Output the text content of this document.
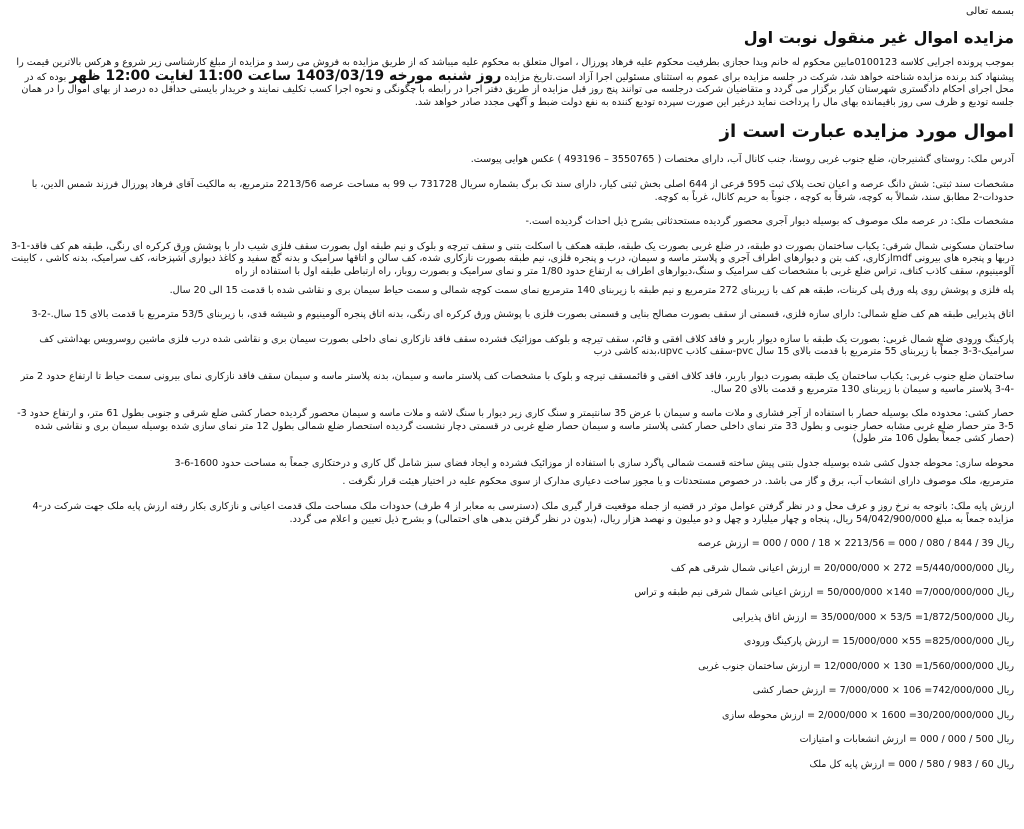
بسمه تعالی
مزایده اموال غیر منقول نوبت اول
بموجب پرونده اجرایی کلاسه 0100123مابین محکوم له خانم ویدا حجازی بطرفیت محکوم علیه فرهاد پورزال ، اموال متعلق به محکوم علیه میباشد که از طریق مزایده به فروش می رسد و مزایده از مبلغ کارشناسی زیر شروع و هرکس بالاترین قیمت را پیشنهاد کند برنده مزایده شناخته خواهد شد، شرکت در جلسه مزایده برای عموم به استثنای مسئولین اجرا آزاد است.تاریخ مزایده روز شنبه مورخه 1403/03/19 ساعت 11:00 لغایت 12:00 ظهر بوده که در محل اجرای احکام دادگستری شهرستان کیار برگزار می گردد و متقاضیان شرکت درجلسه می توانند پنج روز قبل مزایده از طریق دفتر اجرا در رابطه با چگونگی و نحوه اجرا کسب تکلیف نمایند و خریدار بایستی حداقل ده درصد از بهای اموال را در همان جلسه تودیع و ظرف سی روز باقیمانده بهای مال را پرداخت نماید درغیر این صورت سپرده تودیع کننده به نفع دولت ضبط و آگهی مجدد صادر خواهد شد.
اموال مورد مزایده عبارت است از
آدرس ملک: روستای گشنیرجان، ضلع جنوب غربی روستا، جنب کانال آب، دارای مختصات ( 3550765 – 493196 ) عکس هوایی پیوست.
مشخصات سند ثبتی: شش دانگ عرصه و اعیان تحت پلاک ثبت 595 فرعی از 644 اصلی بخش ثبتی کیار، دارای سند تک برگ بشماره سریال 731728 ب 99 به مساحت عرصه 2213/56 مترمربع، به مالکیت آقای فرهاد پورزال فرزند شمس الدین، با حدودات-2 مطابق سند، شمالاً به کوچه، شرقاً به کوچه ، جنوباً به حریم کانال، غرباً به کوچه.
مشخصات ملک: در عرصه ملک موصوف که بوسیله دیوار آجری محصور گردیده مستحدثاتی بشرح ذیل احداث گردیده است.-
ساختمان مسکونی شمال شرقی: یکباب ساختمان بصورت دو طبقه، در ضلع غربی بصورت یک طبقه، طبقه همکف با اسکلت بتنی و سقف تیرچه و بلوک و نیم طبقه اول بصورت سقف فلزی شیب دار با پوشش ورق کرکره ای رنگی، طبقه هم کف فاقد-1-3 دربها و پنجره های بیرونی mdfازکاری، کف بتن و دیوارهای اطراف آجری و پلاستر ماسه و سیمان، درب و پنجره فلزی، نیم طبقه بصورت نازکاری شده، کف سالن و اتاقها سرامیک و بدنه گچ سفید و کاغذ دیواری آشپزخانه، کف سرامیک، بدنه کاشی ، کابینت آلومینیوم، سقف کاذب کناف، تراس ضلع غربی با مشخصات کف سرامیک و سنگ،دیوارهای اطراف به ارتفاع حدود 1/80 متر و نمای سرامیک و بصورت روباز، راه ارتباطی طبقه اول با استفاده از راه
پله فلزی و پوشش روی پله ورق پلی کربنات، طبقه هم کف با زیربنای 272 مترمربع و نیم طبقه با زیربنای 140 مترمربع نمای سمت کوچه شمالی و سمت حیاط سیمان بری و نقاشی شده با قدمت 15 الی 20 سال.
اتاق پذیرایی طبقه هم کف ضلع شمالی: دارای سازه فلزی، قسمتی از سقف بصورت مصالح بنایی و قسمتی بصورت فلزی با پوشش ورق کرکره ای رنگی، بدنه اتاق پنجره آلومینیوم و شیشه قدی، با زیربنای 53/5 مترمربع با قدمت بالای 15 سال.-2-3
پارکینگ ورودی ضلع شمال غربی: بصورت یک طبقه با سازه دیوار باربر و فاقد کلاف افقی و قائم، سقف تیرچه و بلوکف موزائیک فشرده سقف فاقد نازکاری نمای داخلی بصورت سیمان بری و نقاشی شده درب فلزی ماشین روسرویس بهداشتی کف سرامیک-3-3 جمعاً با زیربنای 55 مترمربع با قدمت بالای 15 سال pvc-سقف کاذب upvc،بدنه کاشی درب
ساختمان ضلع جنوب غربی: یکباب ساختمان یک طبقه بصورت دیوار باربر، فاقد کلاف افقی و قائمسقف تیرچه و بلوک با مشخصات کف پلاستر ماسه و سیمان، بدنه پلاستر ماسه و سیمان سقف فاقد نازکاری نمای بیرونی سمت حیاط تا ارتفاع حدود 2 متر -4-3 پلاستر ماسیه و سیمان با زیربنای 130 مترمربع و قدمت بالای 20 سال.
حصار کشی: محدوده ملک بوسیله حصار با استفاده از آجر فشاری و ملات ماسه و سیمان با عرض 35 سانتیمتر و سنگ کاری زیر دیوار با سنگ لاشه و ملات ماسه و سیمان محصور گردیده حصار کشی ضلع شرقی و جنوبی بطول 61 متر، و ارتفاع حدود 3-5-3 متر حصار ضلع غربی مشابه حصار جنوبی و بطول 33 متر نمای داخلی حصار کشی پلاستر ماسه و سیمان حصار ضلع غربی در قسمتی دچار نشست گردیده استحصار ضلع شمالی بطول 12 متر نمای سازی شده بوسیله سیمان بری و نقاشی شده (حصار کشی جمعاً بطول 106 متر طول)
محوطه سازی: محوطه جدول کشی شده بوسیله جدول بتنی پیش ساخته قسمت شمالی پاگرد سازی با استفاده از موزائیک فشرده و ایجاد فضای سبز شامل گل کاری و درختکاری جمعاً به مساحت حدود 1600-6-3
مترمربع، ملک موصوف دارای انشعاب آب، برق و گاز می باشد. در خصوص مستحدثات و یا مجوز ساخت دعیاری مدارک از سوی محکوم علیه در اختیار هیئت قرار نگرفت .
ارزش پایه ملک: باتوجه به نرخ روز و عرف محل و در نظر گرفتن عوامل موثر در قضیه از جمله موقعیت قرار گیری ملک (دسترسی به معابر از 4 طرف) حدودات ملک مساحت ملک قدمت اعیانی و نازکاری بکار رفته ارزش پایه ملک جهت شرکت در-4 مزایده جمعاً به مبلغ 54/042/900/000 ریال، پنجاه و چهار میلیارد و چهل و دو میلیون و نهصد هزار ریال، (بدون در نظر گرفتن بدهی های احتمالی) و بشرح ذیل تعیین و اعلام می گردد.
ریال 39 / 844 / 080 / 000 = 2213/56 × 18 / 000 / 000 = ارزش عرصه
ریال 5/440/000/000= 272 × 20/000/000 = ارزش اعیانی شمال شرقی هم کف
ریال 7/000/000/000= 140× 50/000/000 = ارزش اعیانی شمال شرقی نیم طبقه و تراس
ریال 1/872/500/000= 53/5 × 35/000/000 = ارزش اتاق پذیرایی
ریال 825/000/000= 55× 15/000/000 = ارزش پارکینگ ورودی
ریال 1/560/000/000= 130 × 12/000/000 = ارزش ساختمان جنوب غربی
ریال 742/000/000= 106 × 7/000/000 = ارزش حصار کشی
ریال 30/200/000/000= 1600 × 2/000/000 = ارزش محوطه سازی
ریال 500 / 000 / 000 = ارزش انشعابات و امتیازات
ریال 60 / 983 / 580 / 000 = ارزش پایه کل ملک
